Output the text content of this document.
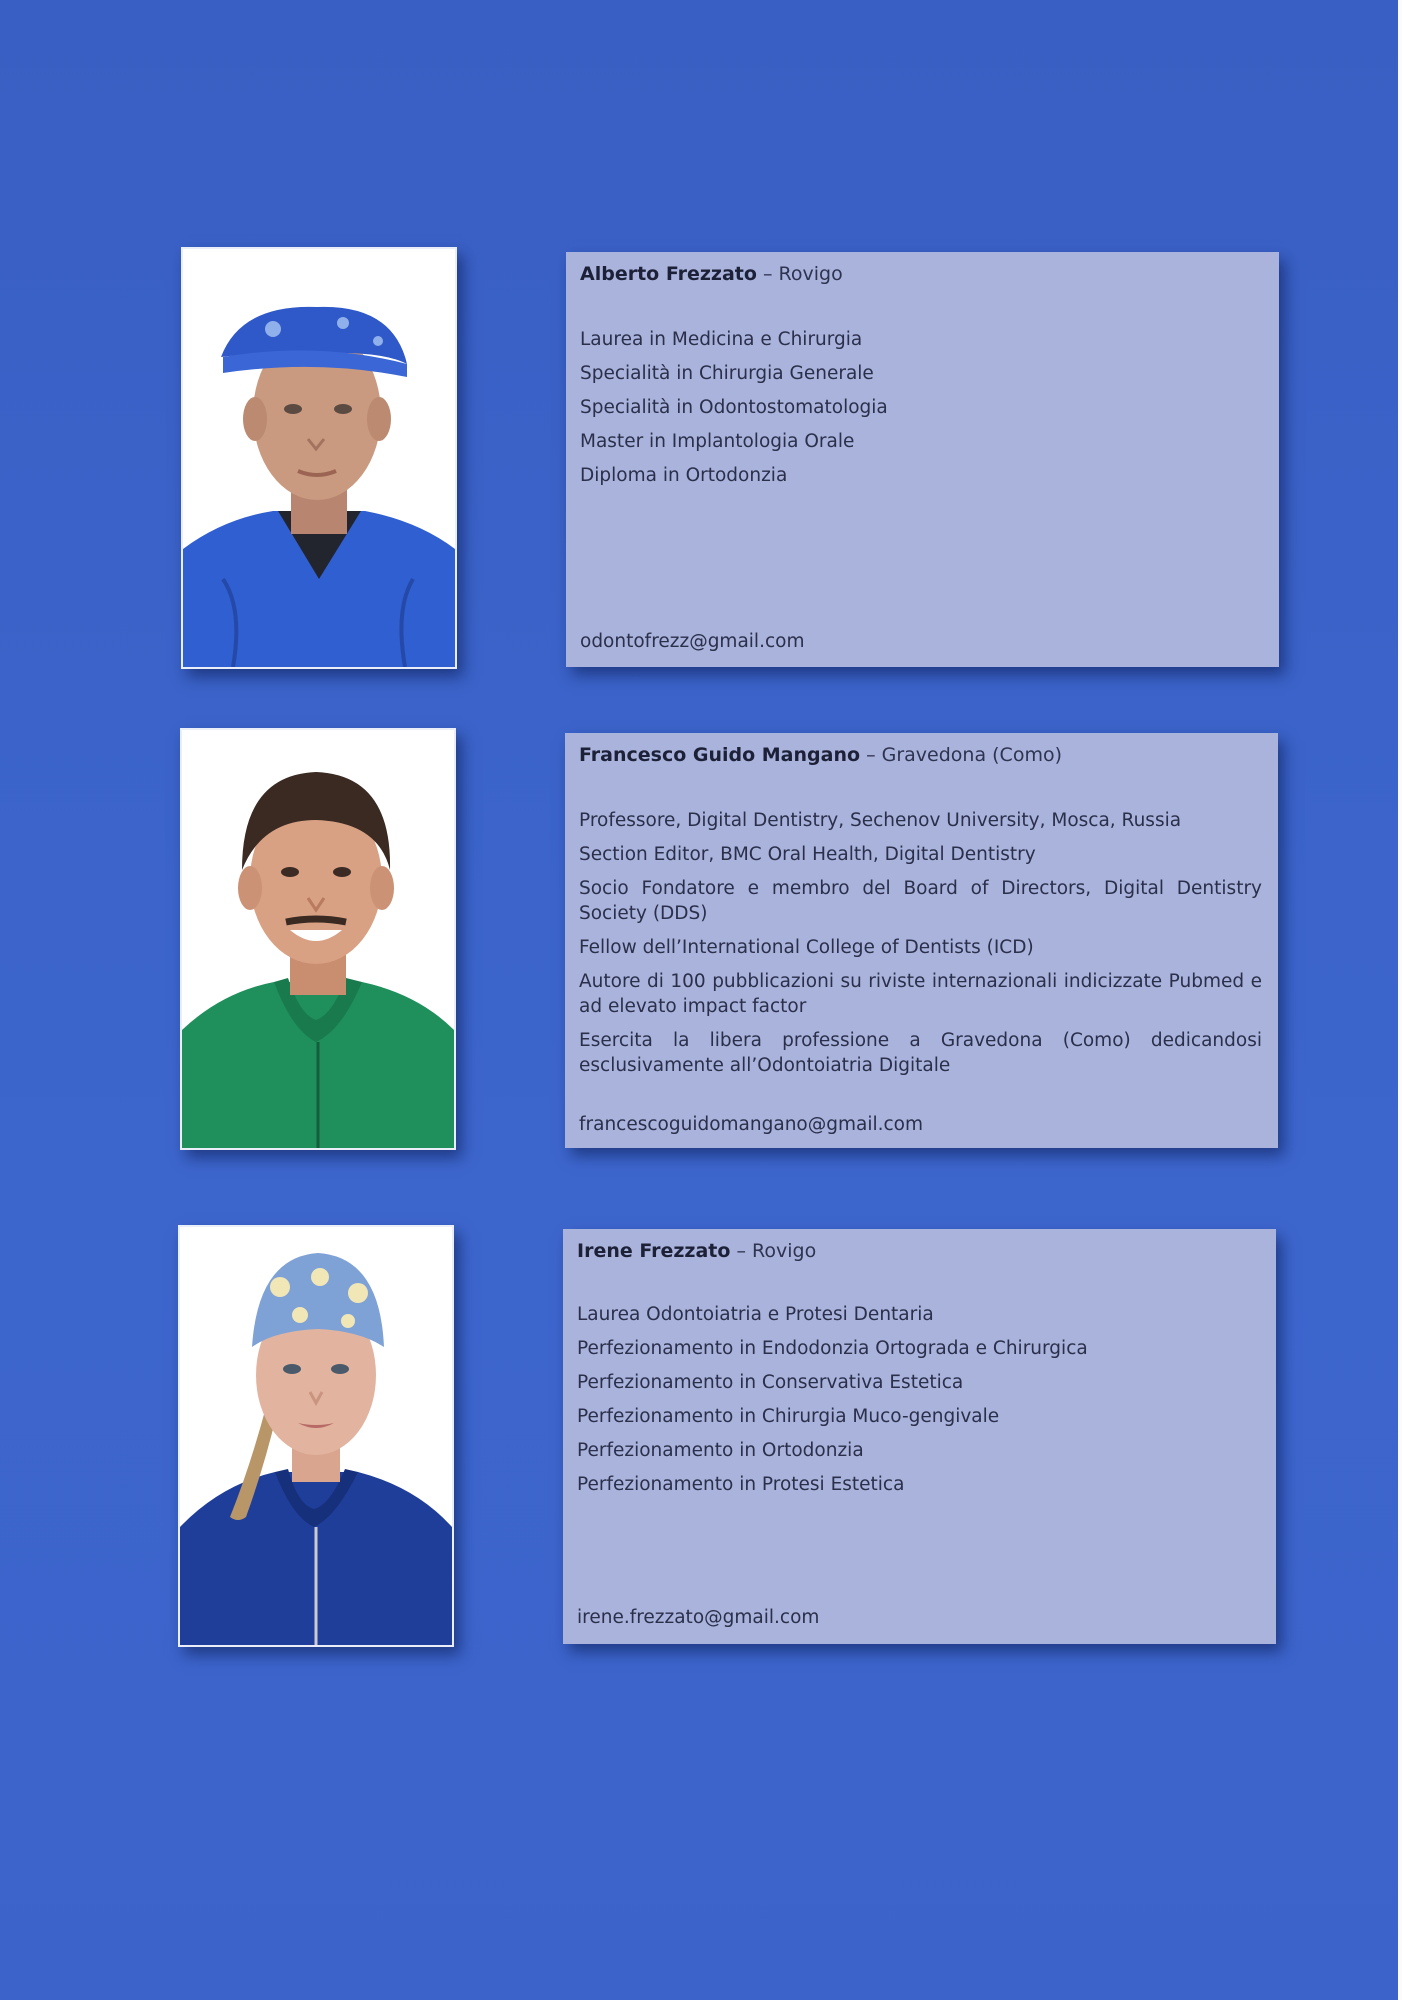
Alberto Frezzato – Rovigo
Laurea in Medicina e Chirurgia
Specialità in Chirurgia Generale
Specialità in Odontostomatologia
Master in Implantologia Orale
Diploma in Ortodonzia
odontofrezz@gmail.com
Francesco Guido Mangano – Gravedona (Como)
Professore, Digital Dentistry, Sechenov University, Mosca, Russia
Section Editor, BMC Oral Health, Digital Dentistry
Socio Fondatore e membro del Board of Directors, Digital Dentistry Society (DDS)
Fellow dell’International College of Dentists (ICD)
Autore di 100 pubblicazioni su riviste internazionali indicizzate Pubmed e ad elevato impact factor
Esercita la libera professione a Gravedona (Como) dedicandosi esclusivamente all’Odontoiatria Digitale
francescoguidomangano@gmail.com
Irene Frezzato – Rovigo
Laurea Odontoiatria e Protesi Dentaria
Perfezionamento in Endodonzia Ortograda e Chirurgica
Perfezionamento in Conservativa Estetica
Perfezionamento in Chirurgia Muco-gengivale
Perfezionamento in Ortodonzia
Perfezionamento in Protesi Estetica
irene.frezzato@gmail.com
